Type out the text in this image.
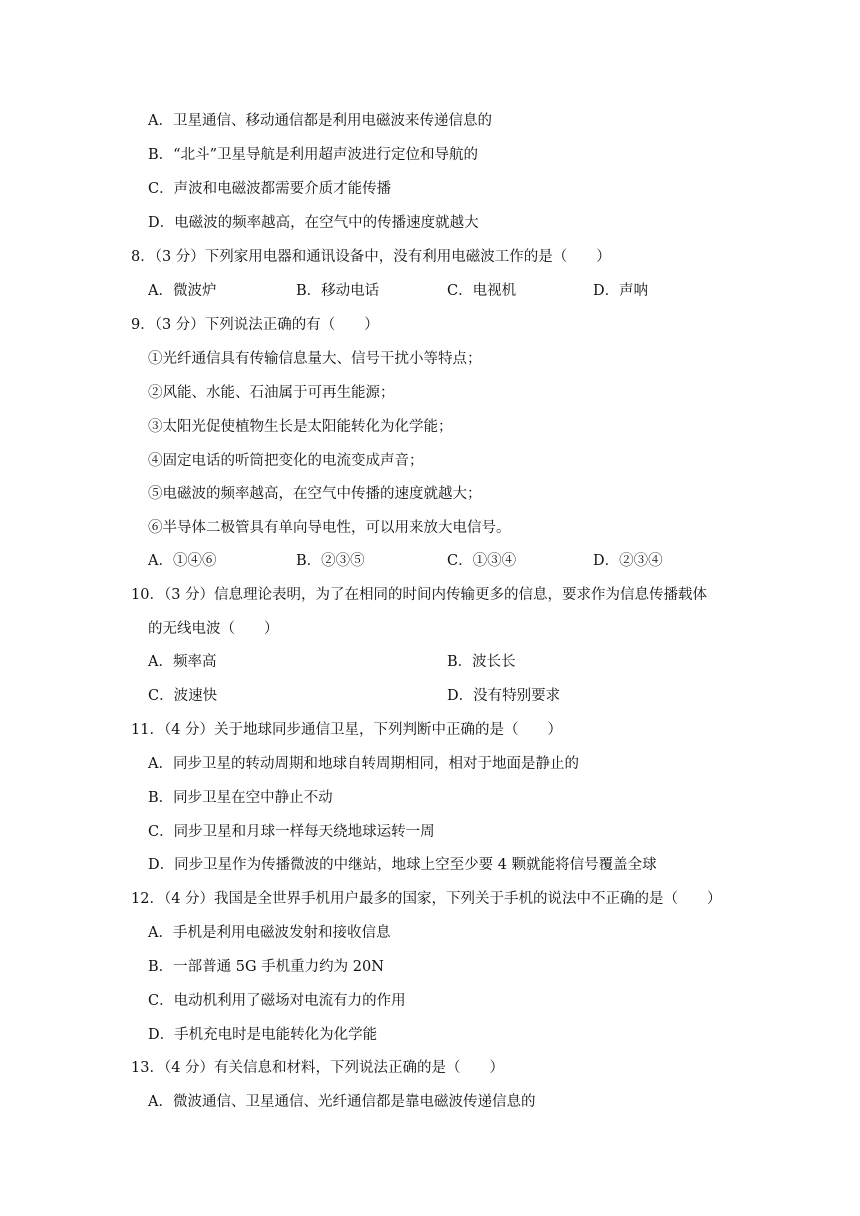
A．卫星通信、移动通信都是利用电磁波来传递信息的
B．“北斗”卫星导航是利用超声波进行定位和导航的
C．声波和电磁波都需要介质才能传播
D．电磁波的频率越高，在空气中的传播速度就越大
8．（3 分）下列家用电器和通讯设备中，没有利用电磁波工作的是（　　）
A．微波炉	B．移动电话	C．电视机	D．声呐
9．（3 分）下列说法正确的有（　　）
①光纤通信具有传输信息量大、信号干扰小等特点；
②风能、水能、石油属于可再生能源；
③太阳光促使植物生长是太阳能转化为化学能；
④固定电话的听筒把变化的电流变成声音；
⑤电磁波的频率越高，在空气中传播的速度就越大；
⑥半导体二极管具有单向导电性，可以用来放大电信号。
A．①④⑥	B．②③⑤	C．①③④	D．②③④
10．（3 分）信息理论表明，为了在相同的时间内传输更多的信息，要求作为信息传播载体
的无线电波（　　）
A．频率高	B．波长长
C．波速快	D．没有特别要求
11．（4 分）关于地球同步通信卫星，下列判断中正确的是（　　）
A．同步卫星的转动周期和地球自转周期相同，相对于地面是静止的
B．同步卫星在空中静止不动
C．同步卫星和月球一样每天绕地球运转一周
D．同步卫星作为传播微波的中继站，地球上空至少要 4 颗就能将信号覆盖全球
12．（4 分）我国是全世界手机用户最多的国家，下列关于手机的说法中不正确的是（　　）
A．手机是利用电磁波发射和接收信息
B．一部普通 5G 手机重力约为 20N
C．电动机利用了磁场对电流有力的作用
D．手机充电时是电能转化为化学能
13．（4 分）有关信息和材料，下列说法正确的是（　　）
A．微波通信、卫星通信、光纤通信都是靠电磁波传递信息的
